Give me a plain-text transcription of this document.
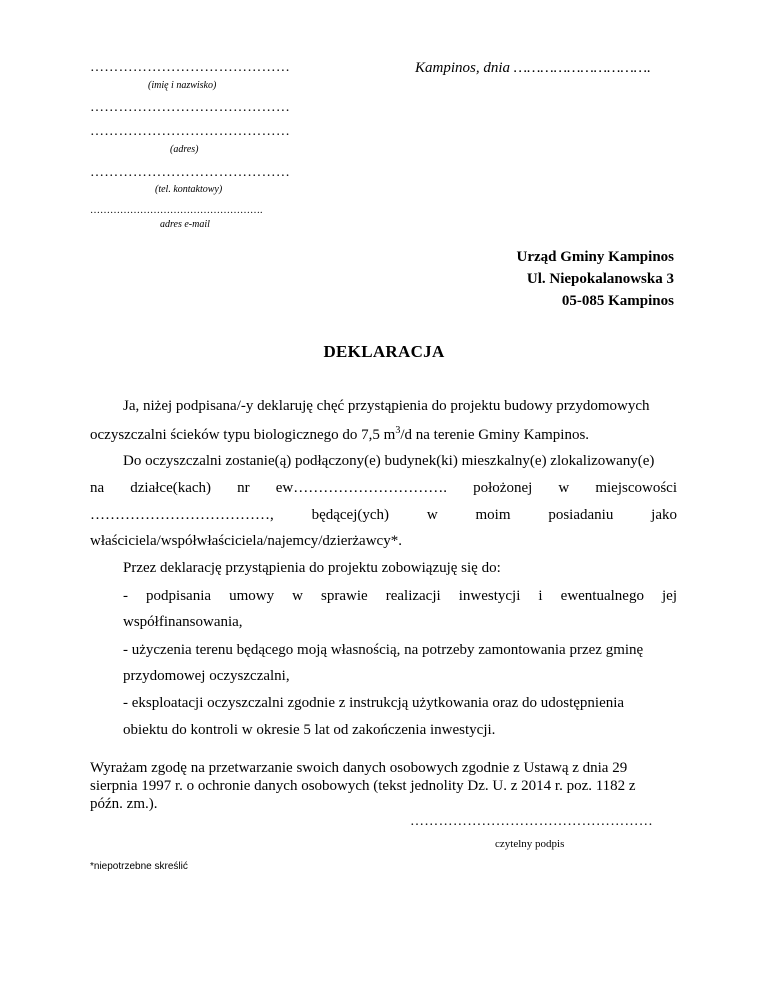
……………………………………
(imię i nazwisko)
Kampinos, dnia ………………………….
……………………………………
……………………………………
(adres)
……………………………………
(tel. kontaktowy)
…………………………………………….
adres e-mail
Urząd Gminy Kampinos
Ul. Niepokalanowska 3
05-085 Kampinos
DEKLARACJA
Ja, niżej podpisana/-y deklaruję chęć przystąpienia do projektu budowy przydomowych
oczyszczalni ścieków typu biologicznego do 7,5 $m^3/d$ na terenie Gminy Kampinos.
Do oczyszczalni zostanie(ą) podłączony(e) budynek(ki) mieszkalny(e) zlokalizowany(e)
na działce(kach) nr ew…………………………. położonej w miejscowości
………………………………, będącej(ych) w moim posiadaniu jako
właściciela/współwłaściciela/najemcy/dzierżawcy*.
Przez deklarację przystąpienia do projektu zobowiązuję się do:
- podpisania umowy w sprawie realizacji inwestycji i ewentualnego jej
współfinansowania,
- użyczenia terenu będącego moją własnością, na potrzeby zamontowania przez gminę
przydomowej oczyszczalni,
- eksploatacji oczyszczalni zgodnie z instrukcją użytkowania oraz do udostępnienia
obiektu do kontroli w okresie 5 lat od zakończenia inwestycji.
Wyrażam zgodę na przetwarzanie swoich danych osobowych zgodnie z Ustawą z dnia 29
sierpnia 1997 r. o ochronie danych osobowych (tekst jednolity Dz. U. z 2014 r. poz. 1182 z
późn. zm.).
……………………………………………
czytelny podpis
*niepotrzebne skreślić
